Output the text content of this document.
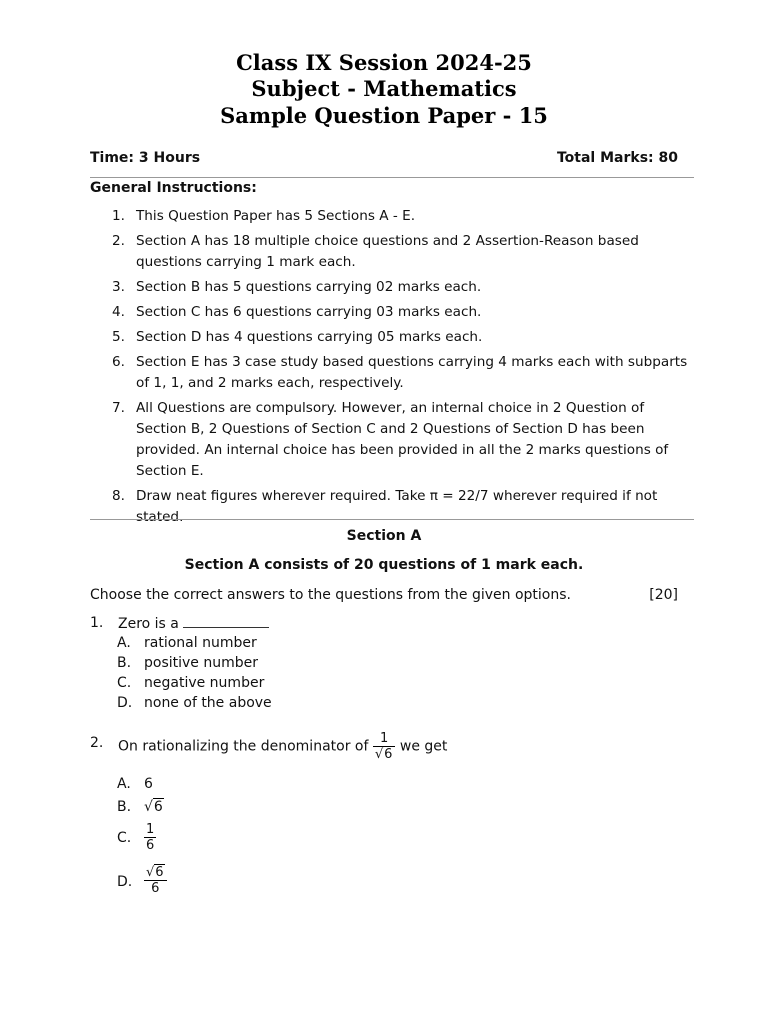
Class IX Session 2024-25
Subject - Mathematics
Sample Question Paper - 15
Time: 3 Hours	Total Marks: 80
General Instructions:
1. This Question Paper has 5 Sections A - E.
2. Section A has 18 multiple choice questions and 2 Assertion-Reason based questions carrying 1 mark each.
3. Section B has 5 questions carrying 02 marks each.
4. Section C has 6 questions carrying 03 marks each.
5. Section D has 4 questions carrying 05 marks each.
6. Section E has 3 case study based questions carrying 4 marks each with subparts of 1, 1, and 2 marks each, respectively.
7. All Questions are compulsory. However, an internal choice in 2 Question of Section B, 2 Questions of Section C and 2 Questions of Section D has been provided. An internal choice has been provided in all the 2 marks questions of Section E.
8. Draw neat figures wherever required. Take π = 22/7 wherever required if not stated.
Section A
Section A consists of 20 questions of 1 mark each.
Choose the correct answers to the questions from the given options.	[20]
1. Zero is a
A. rational number
B. positive number
C. negative number
D. none of the above
2. On rationalizing the denominator of $\frac{1}{√6}$ we get
A. 6
B. √6
C. $\frac{1}{6}$
D. $\frac{√6}{6}$
